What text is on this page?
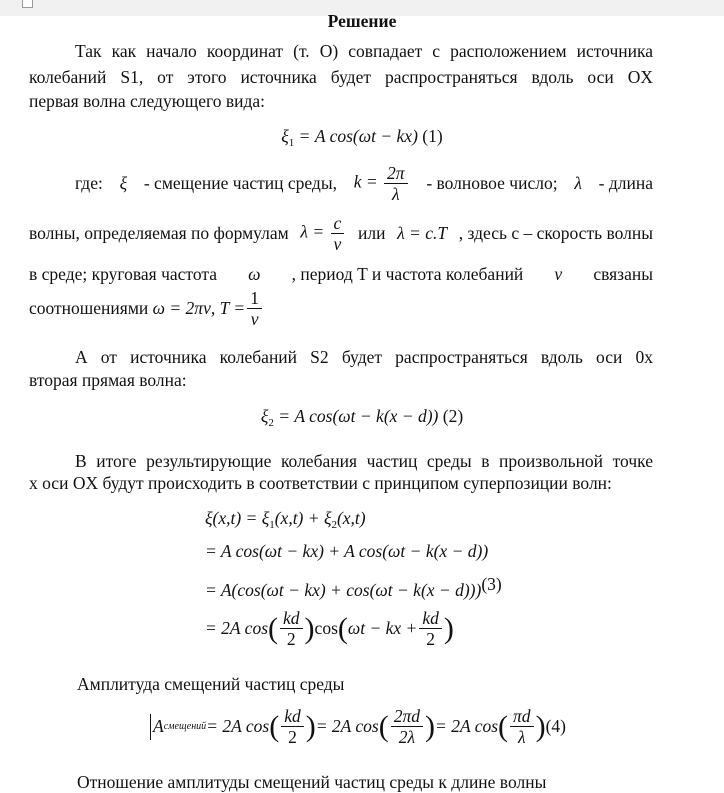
Решение
Так как начало координат (т. O) совпадает с расположением источника
колебаний S1, от этого источника будет распространяться вдоль оси OX
первая волна следующего вида:
$\xi_1 = A$ cos(ωt − kx) (1)
где: ξ - смещение частиц среды, $k = \frac{2\pi}{\lambda}$ - волновое число; λ - длина
волны, определяемая по формулам $\lambda = \frac{c}{\nu}$ или λ = c.T , здесь c – скорость волны
в среде; круговая частота ω , период T и частота колебаний ν связаны
соотношениями
ω = 2πν ,
$T = \frac{1}{\nu}$
А от источника колебаний S2 будет распространяться вдоль оси 0x
вторая прямая волна:
$\xi_2 = A$ cos(ωt − k(x − d)) (2)
В итоге результирующие колебания частиц среды в произвольной точке
x оси OX будут происходить в соответствии с принципом суперпозиции волн:
$\xi(x,t) = \xi_1(x,t) + \xi_2(x,t)$
= A cos(ωt − kx) + A cos(ωt − k(x − d))
= A(cos(ωt − kx) + cos(ωt − k(x − d)))(3)
= 2A cos ( $\frac{kd}{2}$ ) cos ( ωt − kx + $\frac{kd}{2}$ )
Амплитуда смещений частиц среды
A смещений = 2A cos ( $\frac{kd}{2}$ ) = 2A cos ( $\frac{2\pi d}{2\lambda}$ ) = 2A cos ( $\frac{\pi d}{\lambda}$ ) (4)
Отношение амплитуды смещений частиц среды к длине волны
